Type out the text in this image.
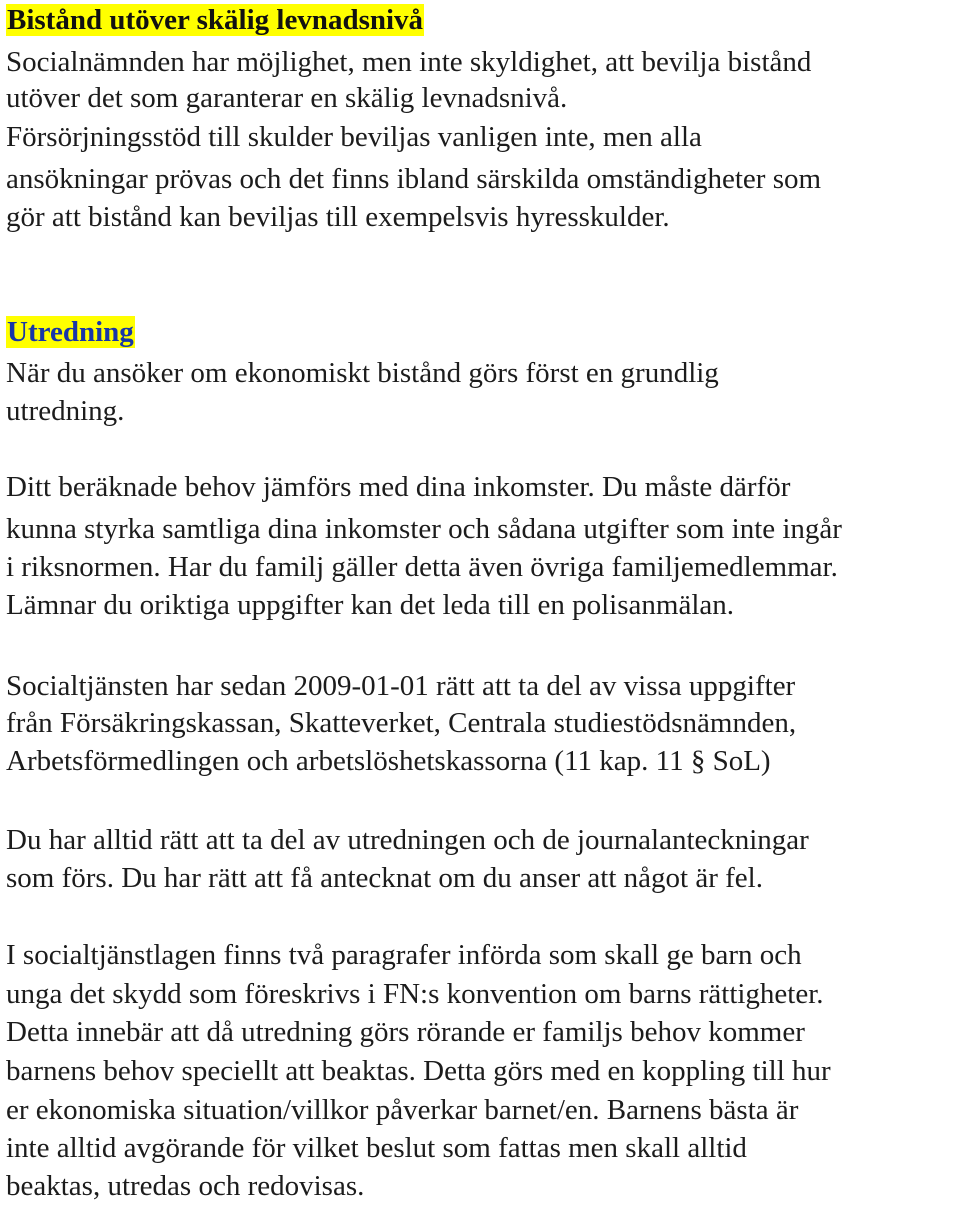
Bistånd utöver skälig levnadsnivå
Socialnämnden har möjlighet, men inte skyldighet, att bevilja bistånd
utöver det som garanterar en skälig levnadsnivå.
Försörjningsstöd till skulder beviljas vanligen inte, men alla
ansökningar prövas och det finns ibland särskilda omständigheter som
gör att bistånd kan beviljas till exempelsvis hyresskulder.
Utredning
När du ansöker om ekonomiskt bistånd görs först en grundlig
utredning.
Ditt beräknade behov jämförs med dina inkomster. Du måste därför
kunna styrka samtliga dina inkomster och sådana utgifter som inte ingår
i riksnormen. Har du familj gäller detta även övriga familjemedlemmar.
Lämnar du oriktiga uppgifter kan det leda till en polisanmälan.
Socialtjänsten har sedan 2009-01-01 rätt att ta del av vissa uppgifter
från Försäkringskassan, Skatteverket, Centrala studiestödsnämnden,
Arbetsförmedlingen och arbetslöshetskassorna (11 kap. 11 § SoL)
Du har alltid rätt att ta del av utredningen och de journalanteckningar
som förs. Du har rätt att få antecknat om du anser att något är fel.
I socialtjänstlagen finns två paragrafer införda som skall ge barn och
unga det skydd som föreskrivs i FN:s konvention om barns rättigheter.
Detta innebär att då utredning görs rörande er familjs behov kommer
barnens behov speciellt att beaktas. Detta görs med en koppling till hur
er ekonomiska situation/villkor påverkar barnet/en. Barnens bästa är
inte alltid avgörande för vilket beslut som fattas men skall alltid
beaktas, utredas och redovisas.
